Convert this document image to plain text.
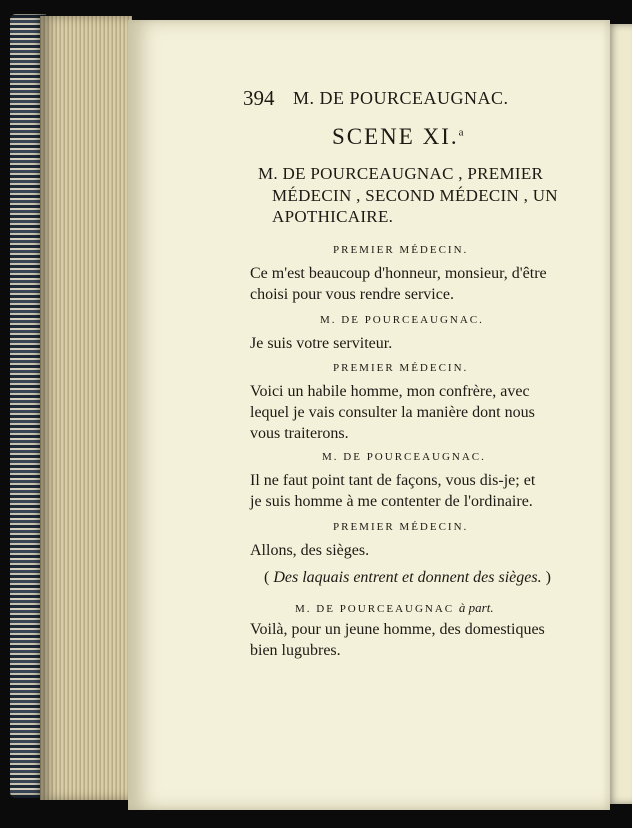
394 M. DE POURCEAUGNAC.
SCENE XI.$^a$
M. DE POURCEAUGNAC , PREMIER
MÉDECIN , SECOND MÉDECIN , UN
APOTHICAIRE.
PREMIER MÉDECIN.
Ce m'est beaucoup d'honneur, monsieur, d'être
choisi pour vous rendre service.
M. DE POURCEAUGNAC.
Je suis votre serviteur.
PREMIER MÉDECIN.
Voici un habile homme, mon confrère, avec
lequel je vais consulter la manière dont nous
vous traiterons.
M. DE POURCEAUGNAC.
Il ne faut point tant de façons, vous dis-je; et
je suis homme à me contenter de l'ordinaire.
PREMIER MÉDECIN.
Allons, des sièges.
( Des laquais entrent et donnent des sièges. )
M. DE POURCEAUGNAC à part.
Voilà, pour un jeune homme, des domestiques
bien lugubres.
